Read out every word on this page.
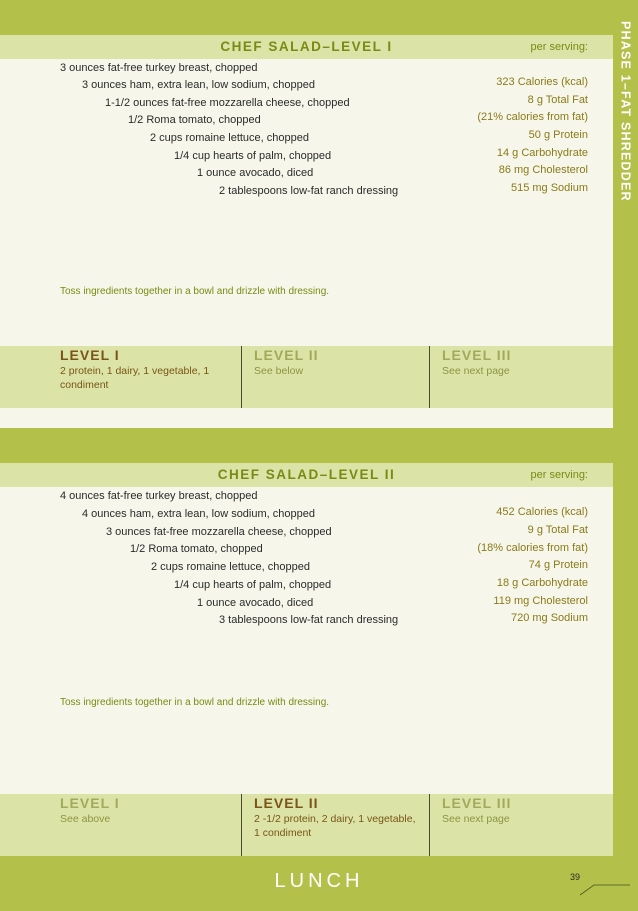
PHASE 1–FAT SHREDDER
CHEF SALAD–LEVEL I	per serving:
3 ounces fat-free turkey breast, chopped
3 ounces ham, extra lean, low sodium, chopped
1-1/2 ounces fat-free mozzarella cheese, chopped
1/2 Roma tomato, chopped
2 cups romaine lettuce, chopped
1/4 cup hearts of palm, chopped
1 ounce avocado, diced
2 tablespoons low-fat ranch dressing
323 Calories (kcal)
8 g Total Fat
(21% calories from fat)
50 g Protein
14 g Carbohydrate
86 mg Cholesterol
515 mg Sodium
Toss ingredients together in a bowl and drizzle with dressing.
LEVEL I
2 protein, 1 dairy, 1 vegetable, 1 condiment
LEVEL II
See below
LEVEL III
See next page
CHEF SALAD–LEVEL II	per serving:
4 ounces fat-free turkey breast, chopped
4 ounces ham, extra lean, low sodium, chopped
3 ounces fat-free mozzarella cheese, chopped
1/2 Roma tomato, chopped
2 cups romaine lettuce, chopped
1/4 cup hearts of palm, chopped
1 ounce avocado, diced
3 tablespoons low-fat ranch dressing
452 Calories (kcal)
9 g Total Fat
(18% calories from fat)
74 g Protein
18 g Carbohydrate
119 mg Cholesterol
720 mg Sodium
Toss ingredients together in a bowl and drizzle with dressing.
LEVEL I
See above
LEVEL II
2 -1/2 protein, 2 dairy, 1 vegetable, 1 condiment
LEVEL III
See next page
LUNCH	39
